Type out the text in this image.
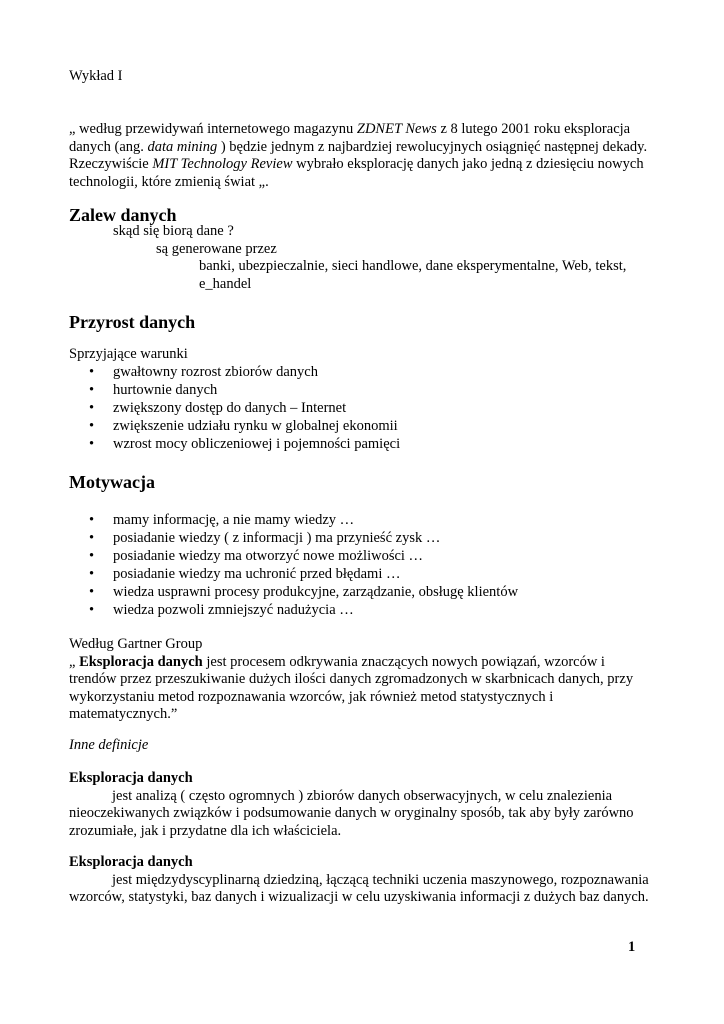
Wykład I
„ według przewidywań internetowego magazynu ZDNET News z 8 lutego 2001 roku eksploracja
danych (ang. data mining ) będzie jednym z najbardziej rewolucyjnych osiągnięć następnej dekady.
Rzeczywiście MIT Technology Review wybrało eksplorację danych jako jedną z dziesięciu nowych
technologii, które zmienią świat „.
Zalew danych
skąd się biorą dane ?
są generowane przez
banki, ubezpieczalnie, sieci handlowe, dane eksperymentalne, Web, tekst,
e_handel
Przyrost danych
Sprzyjające warunki
• gwałtowny rozrost zbiorów danych
• hurtownie danych
• zwiększony dostęp do danych – Internet
• zwiększenie udziału rynku w globalnej ekonomii
• wzrost mocy obliczeniowej i pojemności pamięci
Motywacja
• mamy informację, a nie mamy wiedzy …
• posiadanie wiedzy ( z informacji ) ma przynieść zysk …
• posiadanie wiedzy ma otworzyć nowe możliwości …
• posiadanie wiedzy ma uchronić przed błędami …
• wiedza usprawni procesy produkcyjne, zarządzanie, obsługę klientów
• wiedza pozwoli zmniejszyć nadużycia …
Według Gartner Group
„ Eksploracja danych jest procesem odkrywania znaczących nowych powiązań, wzorców i
trendów przez przeszukiwanie dużych ilości danych zgromadzonych w skarbnicach danych, przy
wykorzystaniu metod rozpoznawania wzorców, jak również metod statystycznych i
matematycznych.”
Inne definicje
Eksploracja danych
jest analizą ( często ogromnych ) zbiorów danych obserwacyjnych, w celu znalezienia
nieoczekiwanych związków i podsumowanie danych w oryginalny sposób, tak aby były zarówno
zrozumiałe, jak i przydatne dla ich właściciela.
Eksploracja danych
jest międzydyscyplinarną dziedziną, łączącą techniki uczenia maszynowego, rozpoznawania
wzorców, statystyki, baz danych i wizualizacji w celu uzyskiwania informacji z dużych baz danych.
1
